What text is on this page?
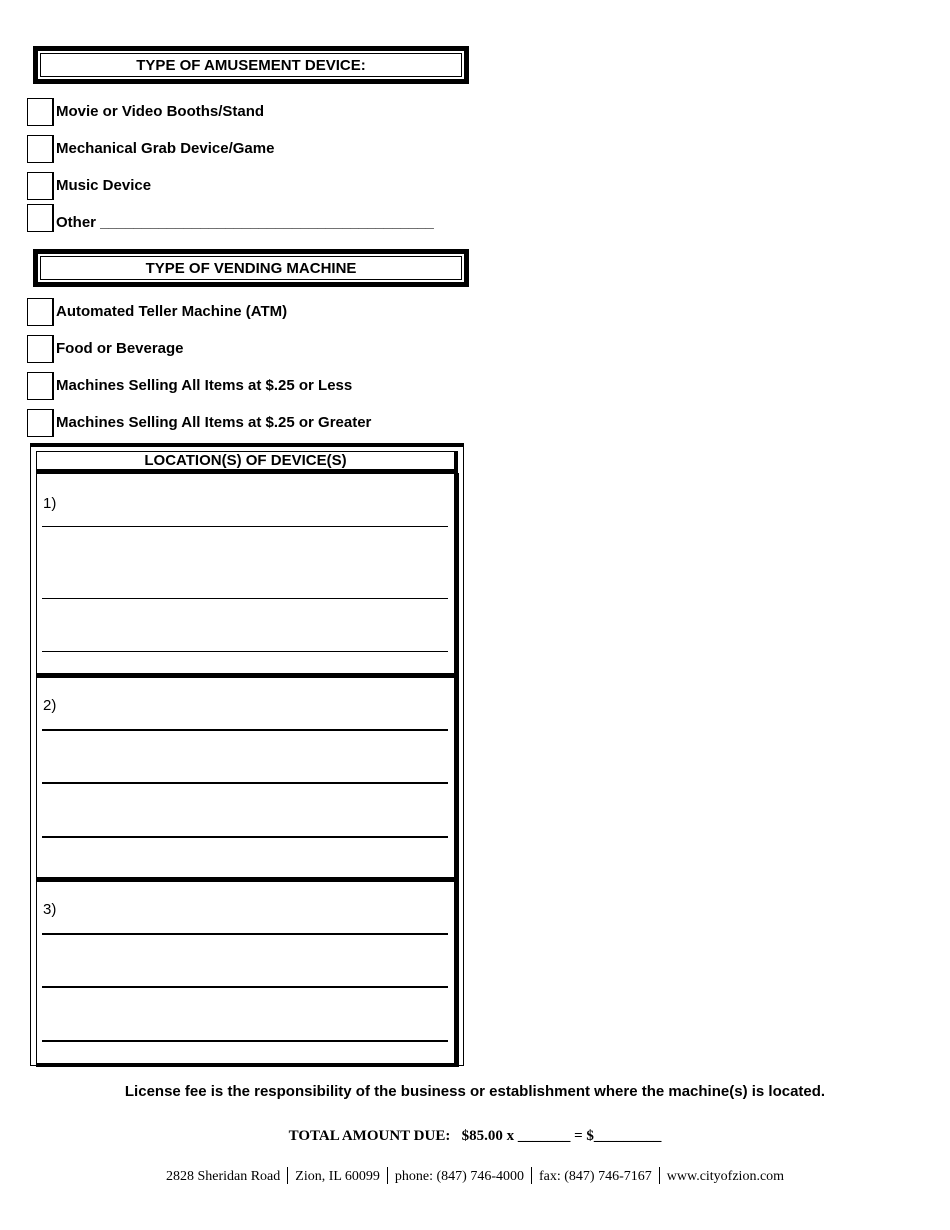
TYPE OF AMUSEMENT DEVICE:
Movie or Video Booths/Stand
Mechanical Grab Device/Game
Music Device
Other ________________________________________
TYPE OF VENDING MACHINE
Automated Teller Machine (ATM)
Food or Beverage
Machines Selling All Items at $.25 or Less
Machines Selling All Items at $.25 or Greater
LOCATION(S) OF DEVICE(S)
1)
2)
3)
License fee is the responsibility of the business or establishment where the machine(s) is located.
TOTAL AMOUNT DUE:   $85.00 x _______ = $_________
2828 Sheridan Road Zion, IL 60099 phone: (847) 746-4000 fax: (847) 746-7167 www.cityofzion.com
